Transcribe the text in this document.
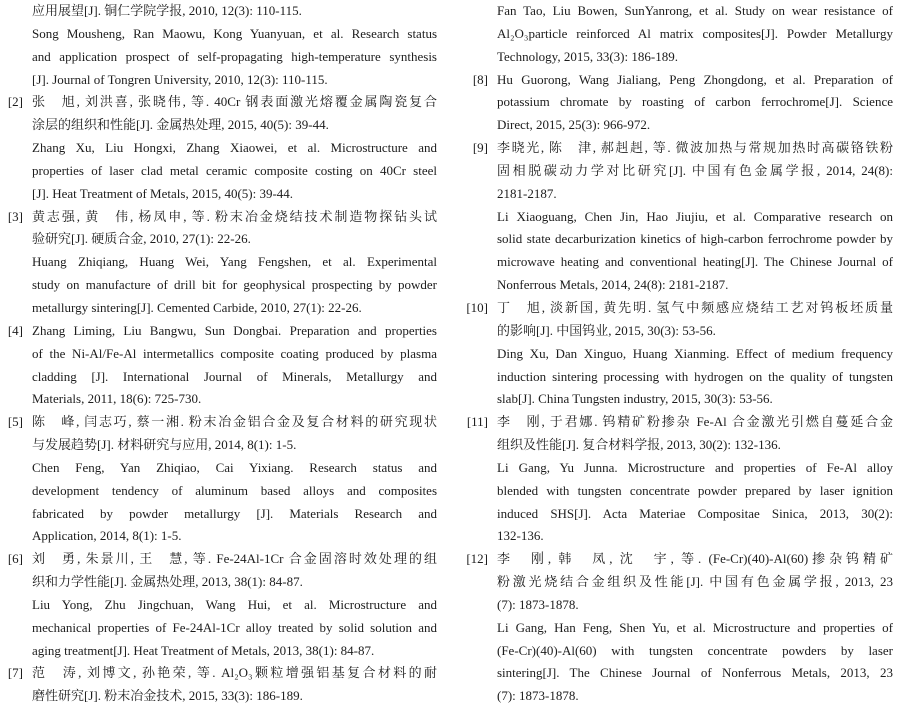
应用展望[J]. 铜仁学院学报, 2010, 12(3): 110-115.
Song Mousheng, Ran Maowu, Kong Yuanyuan, et al. Research status
and application prospect of self-propagating high-temperature synthesis
[J]. Journal of Tongren University, 2010, 12(3): 110-115.
[2] 张　旭, 刘洪喜, 张晓伟, 等. 40Cr 钢表面激光熔覆金属陶瓷复合
涂层的组织和性能[J]. 金属热处理, 2015, 40(5): 39-44.
Zhang Xu, Liu Hongxi, Zhang Xiaowei, et al. Microstructure and
properties of laser clad metal ceramic composite costing on 40Cr steel
[J]. Heat Treatment of Metals, 2015, 40(5): 39-44.
[3] 黄志强, 黄　伟, 杨凤申, 等. 粉末冶金烧结技术制造物探钻头试
验研究[J]. 硬质合金, 2010, 27(1): 22-26.
Huang Zhiqiang, Huang Wei, Yang Fengshen, et al. Experimental
study on manufacture of drill bit for geophysical prospecting by powder
metallurgy sintering[J]. Cemented Carbide, 2010, 27(1): 22-26.
[4] Zhang Liming, Liu Bangwu, Sun Dongbai. Preparation and properties
of the Ni-Al/Fe-Al intermetallics composite coating produced by plasma
cladding [J]. International Journal of Minerals, Metallurgy and
Materials, 2011, 18(6): 725-730.
[5] 陈　峰, 闫志巧, 蔡一湘. 粉末冶金铝合金及复合材料的研究现状
与发展趋势[J]. 材料研究与应用, 2014, 8(1): 1-5.
Chen Feng, Yan Zhiqiao, Cai Yixiang. Research status and
development tendency of aluminum based alloys and composites
fabricated by powder metallurgy [J]. Materials Research and
Application, 2014, 8(1): 1-5.
[6] 刘　勇, 朱景川, 王　慧, 等. Fe-24Al-1Cr 合金固溶时效处理的组
织和力学性能[J]. 金属热处理, 2013, 38(1): 84-87.
Liu Yong, Zhu Jingchuan, Wang Hui, et al. Microstructure and
mechanical properties of Fe-24Al-1Cr alloy treated by solid solution and
aging treatment[J]. Heat Treatment of Metals, 2013, 38(1): 84-87.
[7] 范　涛, 刘博文, 孙艳荣, 等. Al₂O₃颗粒增强铝基复合材料的耐
磨性研究[J]. 粉末冶金技术, 2015, 33(3): 186-189.
Fan Tao, Liu Bowen, SunYanrong, et al. Study on wear resistance of
Al₂O₃particle reinforced Al matrix composites[J]. Powder Metallurgy
Technology, 2015, 33(3): 186-189.
[8] Hu Guorong, Wang Jialiang, Peng Zhongdong, et al. Preparation of
potassium chromate by roasting of carbon ferrochrome[J]. Science
Direct, 2015, 25(3): 966-972.
[9] 李晓光, 陈　津, 郝赳赳, 等. 微波加热与常规加热时高碳铬铁粉
固相脱碳动力学对比研究[J]. 中国有色金属学报, 2014, 24(8):
2181-2187.
Li Xiaoguang, Chen Jin, Hao Jiujiu, et al. Comparative research on
solid state decarburization kinetics of high-carbon ferrochrome powder by
microwave heating and conventional heating[J]. The Chinese Journal of
Nonferrous Metals, 2014, 24(8): 2181-2187.
[10] 丁　旭, 淡新国, 黄先明. 氢气中频感应烧结工艺对钨板坯质量
的影响[J]. 中国钨业, 2015, 30(3): 53-56.
Ding Xu, Dan Xinguo, Huang Xianming. Effect of medium frequency
induction sintering processing with hydrogen on the quality of tungsten
slab[J]. China Tungsten industry, 2015, 30(3): 53-56.
[11] 李　刚, 于君娜. 钨精矿粉掺杂 Fe-Al 合金激光引燃自蔓延合金
组织及性能[J]. 复合材料学报, 2013, 30(2): 132-136.
Li Gang, Yu Junna. Microstructure and properties of Fe-Al alloy
blended with tungsten concentrate powder prepared by laser ignition
induced SHS[J]. Acta Materiae Compositae Sinica, 2013, 30(2):
132-136.
[12] 李　刚, 韩　凤, 沈　宇, 等. (Fe-Cr)(40)-Al(60)掺杂钨精矿
粉激光烧结合金组织及性能[J]. 中国有色金属学报, 2013, 23
(7): 1873-1878.
Li Gang, Han Feng, Shen Yu, et al. Microstructure and properties of
(Fe-Cr)(40)-Al(60) with tungsten concentrate powders by laser
sintering[J]. The Chinese Journal of Nonferrous Metals, 2013, 23
(7): 1873-1878.
